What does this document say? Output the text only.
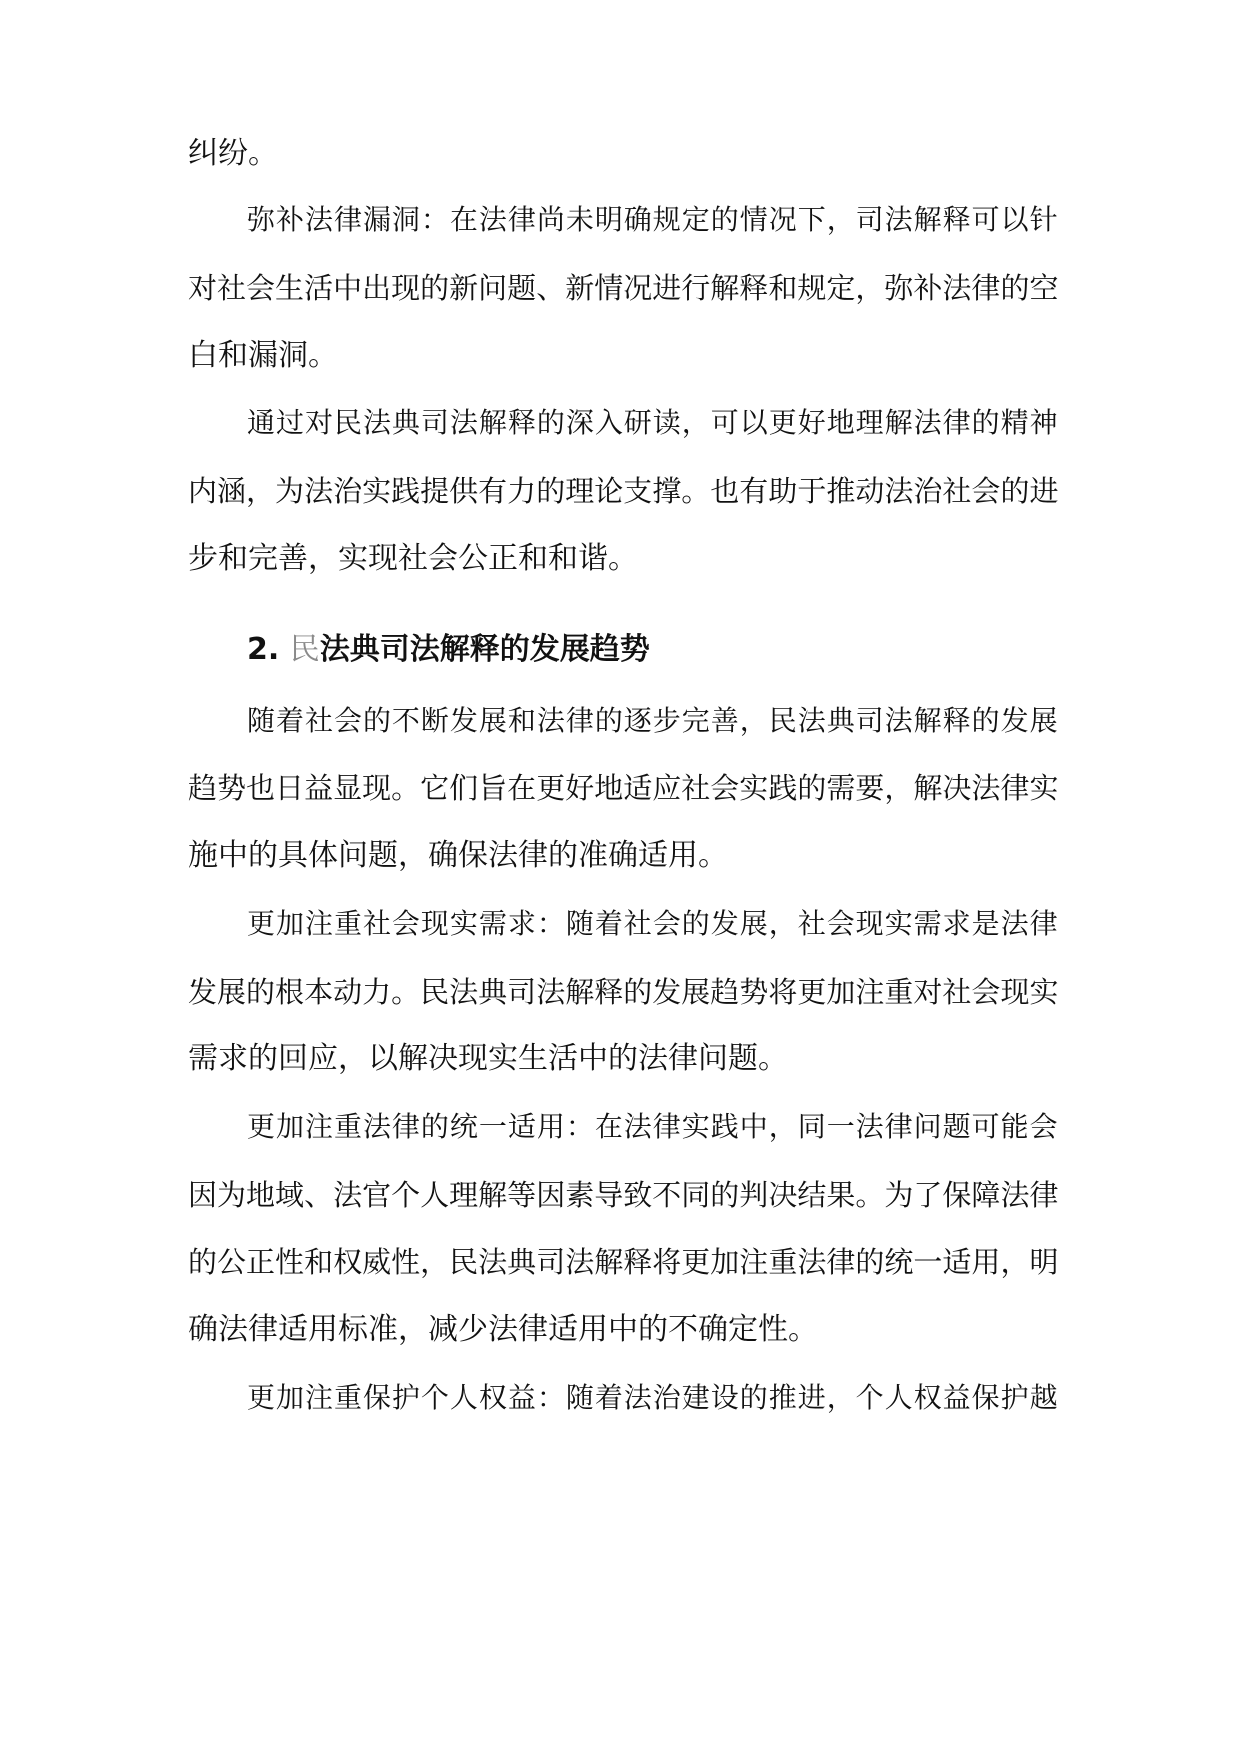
纠纷。
弥 补 法 律 漏 洞 ： 在 法 律 尚 未 明 确 规 定 的 情 况 下 ， 司 法 解 释 可 以 针
对 社 会 生 活 中 出 现 的 新 问 题 、 新 情 况 进 行 解 释 和 规 定 ， 弥 补 法 律 的 空
白和漏洞。
通 过 对 民 法 典 司 法 解 释 的 深 入 研 读 ， 可 以 更 好 地 理 解 法 律 的 精 神
内 涵 ， 为 法 治 实 践 提 供 有 力 的 理 论 支 撑 。 也 有 助 于 推 动 法 治 社 会 的 进
步和完善，实现社会公正和和谐。
2. 民法典司法解释的发展趋势
随 着 社 会 的 不 断 发 展 和 法 律 的 逐 步 完 善 ， 民 法 典 司 法 解 释 的 发 展
趋 势 也 日 益 显 现 。 它 们 旨 在 更 好 地 适 应 社 会 实 践 的 需 要 ， 解 决 法 律 实
施中的具体问题，确保法律的准确适用。
更 加 注 重 社 会 现 实 需 求 ： 随 着 社 会 的 发 展 ， 社 会 现 实 需 求 是 法 律
发 展 的 根 本 动 力 。 民 法 典 司 法 解 释 的 发 展 趋 势 将 更 加 注 重 对 社 会 现 实
需求的回应，以解决现实生活中的法律问题。
更 加 注 重 法 律 的 统 一 适 用 ： 在 法 律 实 践 中 ， 同 一 法 律 问 题 可 能 会
因 为 地 域 、 法 官 个 人 理 解 等 因 素 导 致 不 同 的 判 决 结 果 。 为 了 保 障 法 律
的 公 正 性 和 权 威 性 ， 民 法 典 司 法 解 释 将 更 加 注 重 法 律 的 统 一 适 用 ， 明
确法律适用标准，减少法律适用中的不确定性。
更 加 注 重 保 护 个 人 权 益 ： 随 着 法 治 建 设 的 推 进 ， 个 人 权 益 保 护 越
